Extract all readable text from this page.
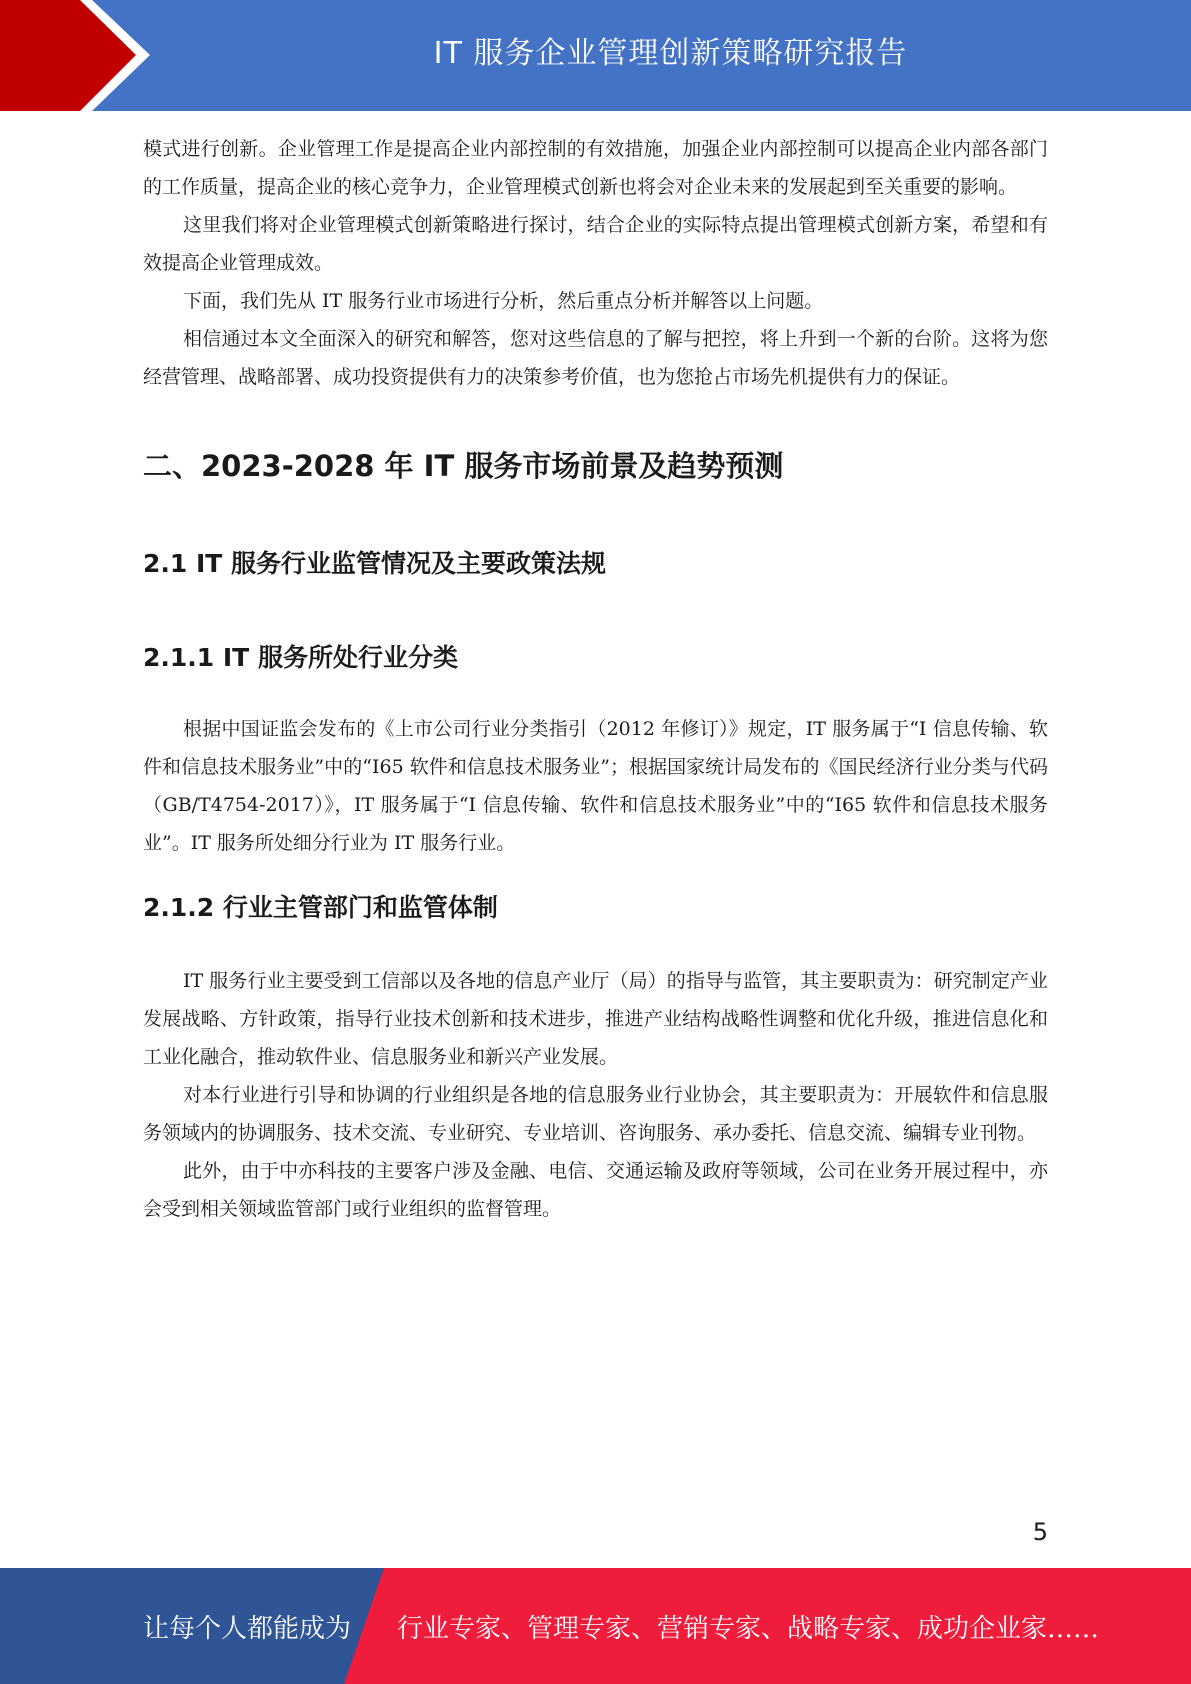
IT 服务企业管理创新策略研究报告

模式进行创新。企业管理工作是提高企业内部控制的有效措施，加强企业内部控制可以提高企业内部各部门的工作质量，提高企业的核心竞争力，企业管理模式创新也将会对企业未来的发展起到至关重要的影响。

这里我们将对企业管理模式创新策略进行探讨，结合企业的实际特点提出管理模式创新方案，希望和有效提高企业管理成效。

下面，我们先从 IT 服务行业市场进行分析，然后重点分析并解答以上问题。

相信通过本文全面深入的研究和解答，您对这些信息的了解与把控，将上升到一个新的台阶。这将为您经营管理、战略部署、成功投资提供有力的决策参考价值，也为您抢占市场先机提供有力的保证。

二、2023-2028 年 IT 服务市场前景及趋势预测
2.1 IT 服务行业监管情况及主要政策法规
2.1.1 IT 服务所处行业分类

根据中国证监会发布的《上市公司行业分类指引（2012 年修订）》规定，IT 服务属于“I 信息传输、软件和信息技术服务业”中的“I65 软件和信息技术服务业”；根据国家统计局发布的《国民经济行业分类与代码（GB/T4754-2017）》，IT 服务属于“I 信息传输、软件和信息技术服务业”中的“I65 软件和信息技术服务业”。IT 服务所处细分行业为 IT 服务行业。

2.1.2 行业主管部门和监管体制

IT 服务行业主要受到工信部以及各地的信息产业厅（局）的指导与监管，其主要职责为：研究制定产业发展战略、方针政策，指导行业技术创新和技术进步，推进产业结构战略性调整和优化升级，推进信息化和工业化融合，推动软件业、信息服务业和新兴产业发展。

对本行业进行引导和协调的行业组织是各地的信息服务业行业协会，其主要职责为：开展软件和信息服务领域内的协调服务、技术交流、专业研究、专业培训、咨询服务、承办委托、信息交流、编辑专业刊物。

此外，由于中亦科技的主要客户涉及金融、电信、交通运输及政府等领域，公司在业务开展过程中，亦会受到相关领域监管部门或行业组织的监督管理。

5
让每个人都能成为 行业专家、管理专家、营销专家、战略专家、成功企业家……
